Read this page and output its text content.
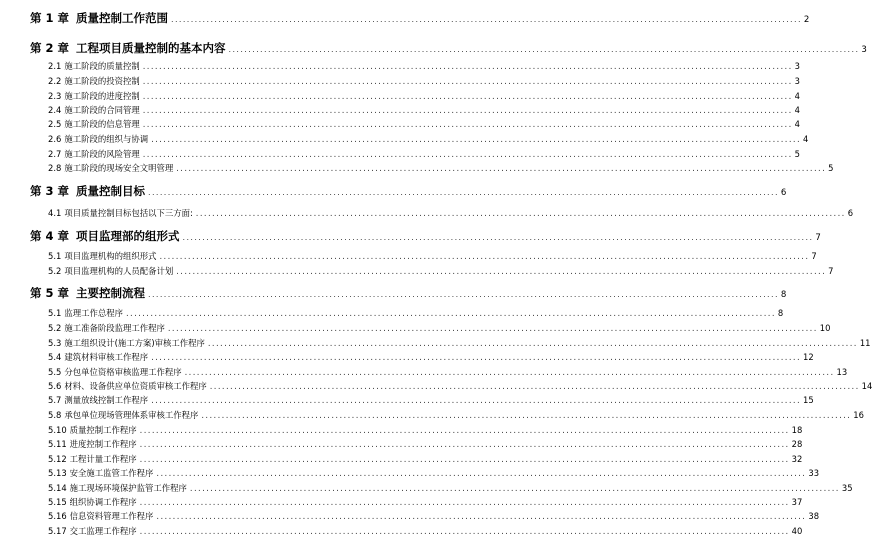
第 1 章 质量控制工作范围 ................................................................................................................................................................ 2
第 2 章 工程项目质量控制的基本内容 ................................................................................................................................................................ 3
2.1 施工阶段的质量控制 ................................................................................................................................................................ 3
2.2 施工阶段的投资控制 ................................................................................................................................................................ 3
2.3 施工阶段的进度控制 ................................................................................................................................................................ 4
2.4 施工阶段的合同管理 ................................................................................................................................................................ 4
2.5 施工阶段的信息管理 ................................................................................................................................................................ 4
2.6 施工阶段的组织与协调 ................................................................................................................................................................ 4
2.7 施工阶段的风险管理 ................................................................................................................................................................ 5
2.8 施工阶段的现场安全文明管理 ................................................................................................................................................................ 5
第 3 章 质量控制目标 ................................................................................................................................................................ 6
4.1 项目质量控制目标包括以下三方面: ................................................................................................................................................................ 6
第 4 章 项目监理部的组形式 ................................................................................................................................................................ 7
5.1 项目监理机构的组织形式 ................................................................................................................................................................ 7
5.2 项目监理机构的人员配备计划 ................................................................................................................................................................ 7
第 5 章 主要控制流程 ................................................................................................................................................................ 8
5.1 监理工作总程序 ................................................................................................................................................................ 8
5.2 施工准备阶段监理工作程序 ................................................................................................................................................................ 10
5.3 施工组织设计(施工方案)审核工作程序 ................................................................................................................................................................ 11
5.4 建筑材料审核工作程序 ................................................................................................................................................................ 12
5.5 分包单位资格审核监理工作程序 ................................................................................................................................................................ 13
5.6 材料、设备供应单位资质审核工作程序 ................................................................................................................................................................ 14
5.7 测量放线控制工作程序 ................................................................................................................................................................ 15
5.8 承包单位现场管理体系审核工作程序 ................................................................................................................................................................ 16
5.10 质量控制工作程序 ................................................................................................................................................................ 18
5.11 进度控制工作程序 ................................................................................................................................................................ 28
5.12 工程计量工作程序 ................................................................................................................................................................ 32
5.13 安全施工监管工作程序 ................................................................................................................................................................ 33
5.14 施工现场环境保护监管工作程序 ................................................................................................................................................................ 35
5.15 组织协调工作程序 ................................................................................................................................................................ 37
5.16 信息资料管理工作程序 ................................................................................................................................................................ 38
5.17 交工监理工作程序 ................................................................................................................................................................ 40
